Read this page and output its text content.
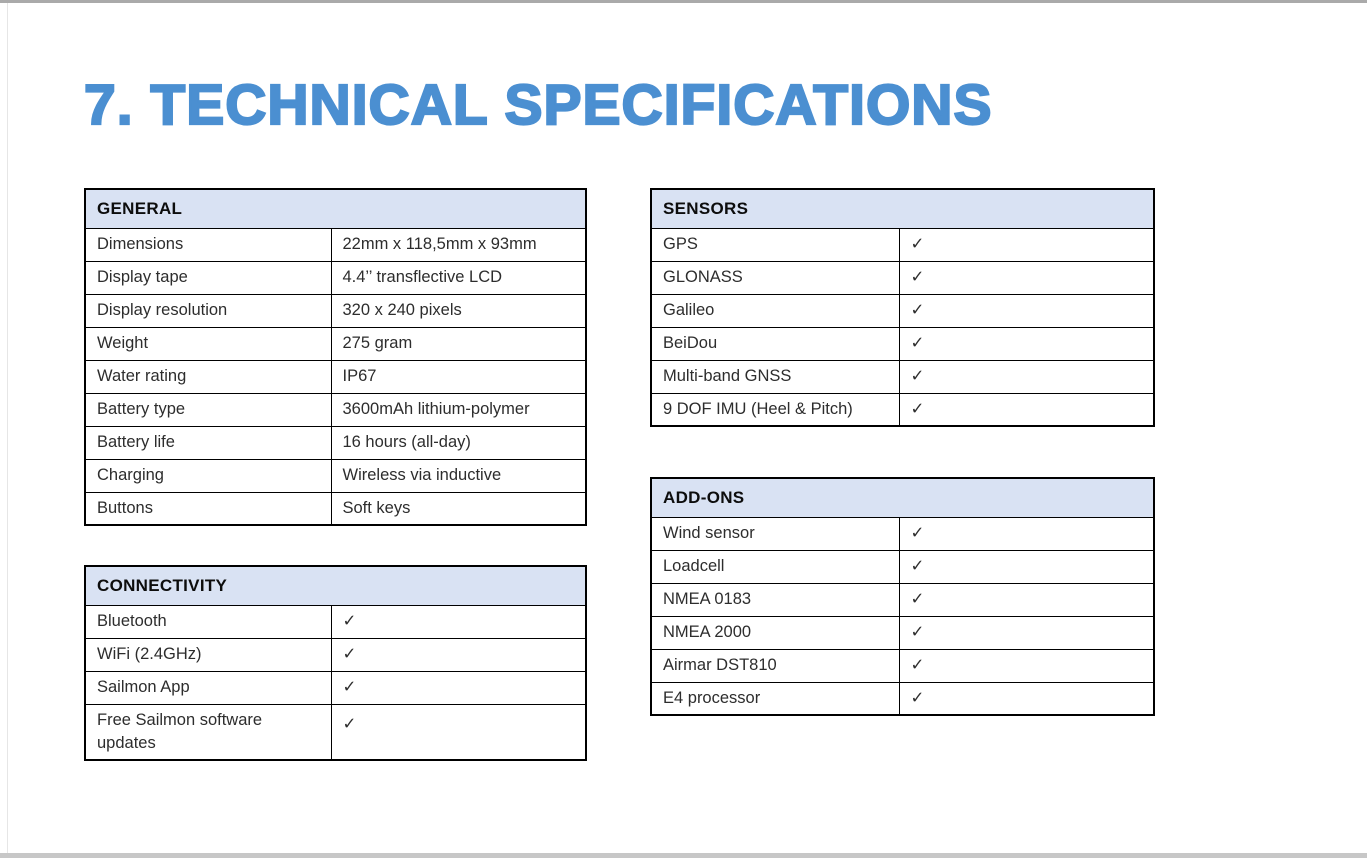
7. TECHNICAL SPECIFICATIONS
GENERAL	
Dimensions	22mm x 118,5mm x 93mm
Display tape	4.4’’ transflective LCD
Display resolution	320 x 240 pixels
Weight	275 gram
Water rating	IP67
Battery type	3600mAh lithium-polymer
Battery life	16 hours (all-day)
Charging	Wireless via inductive
Buttons	Soft keys
SENSORS	
GPS	✓
GLONASS	✓
Galileo	✓
BeiDou	✓
Multi-band GNSS	✓
9 DOF IMU (Heel & Pitch)	✓
CONNECTIVITY	
Bluetooth	✓
WiFi (2.4GHz)	✓
Sailmon App	✓
Free Sailmon software updates	✓
ADD-ONS	
Wind sensor	✓
Loadcell	✓
NMEA 0183	✓
NMEA 2000	✓
Airmar DST810	✓
E4 processor	✓
